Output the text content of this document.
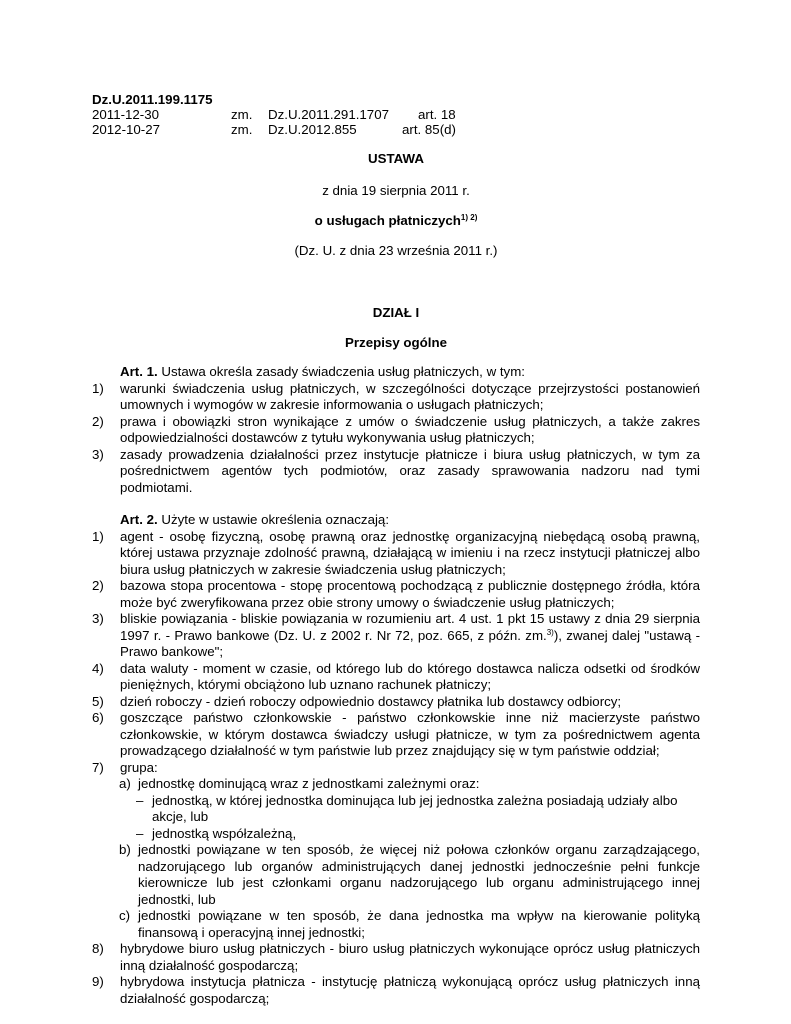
Dz.U.2011.199.1175
2011-12-30	zm. Dz.U.2011.291.1707 art. 18
2012-10-27	zm. Dz.U.2012.855	art. 85(d)
USTAWA
z dnia 19 sierpnia 2011 r.
o usługach płatniczych$^{1) 2)}$
(Dz. U. z dnia 23 września 2011 r.)
DZIAŁ I
Przepisy ogólne

Art. 1. Ustawa określa zasady świadczenia usług płatniczych, w tym:

1) warunki świadczenia usług płatniczych, w szczególności dotyczące przejrzystości postanowień umownych i wymogów w zakresie informowania o usługach płatniczych;
2) prawa i obowiązki stron wynikające z umów o świadczenie usług płatniczych, a także zakres odpowiedzialności dostawców z tytułu wykonywania usług płatniczych;
3) zasady prowadzenia działalności przez instytucje płatnicze i biura usług płatniczych, w tym za pośrednictwem agentów tych podmiotów, oraz zasady sprawowania nadzoru nad tymi podmiotami.

Art. 2. Użyte w ustawie określenia oznaczają:

1) agent - osobę fizyczną, osobę prawną oraz jednostkę organizacyjną niebędącą osobą prawną, której ustawa przyznaje zdolność prawną, działającą w imieniu i na rzecz instytucji płatniczej albo biura usług płatniczych w zakresie świadczenia usług płatniczych;
2) bazowa stopa procentowa - stopę procentową pochodzącą z publicznie dostępnego źródła, która może być zweryfikowana przez obie strony umowy o świadczenie usług płatniczych;
3) bliskie powiązania - bliskie powiązania w rozumieniu art. 4 ust. 1 pkt 15 ustawy z dnia 29 sierpnia 1997 r. - Prawo bankowe (Dz. U. z 2002 r. Nr 72, poz. 665, z późn. zm.$^{3)}$), zwanej dalej "ustawą - Prawo bankowe";
4) data waluty - moment w czasie, od którego lub do którego dostawca nalicza odsetki od środków pieniężnych, którymi obciążono lub uznano rachunek płatniczy;
5) dzień roboczy - dzień roboczy odpowiednio dostawcy płatnika lub dostawcy odbiorcy;
6) goszczące państwo członkowskie - państwo członkowskie inne niż macierzyste państwo członkowskie, w którym dostawca świadczy usługi płatnicze, w tym za pośrednictwem agenta prowadzącego działalność w tym państwie lub przez znajdujący się w tym państwie oddział;
7) grupa:
a) jednostkę dominującą wraz z jednostkami zależnymi oraz:
– jednostką, w której jednostka dominująca lub jej jednostka zależna posiadają udziały albo akcje, lub
– jednostką współzależną,
b) jednostki powiązane w ten sposób, że więcej niż połowa członków organu zarządzającego, nadzorującego lub organów administrujących danej jednostki jednocześnie pełni funkcje kierownicze lub jest członkami organu nadzorującego lub organu administrującego innej jednostki, lub
c) jednostki powiązane w ten sposób, że dana jednostka ma wpływ na kierowanie polityką finansową i operacyjną innej jednostki;
8) hybrydowe biuro usług płatniczych - biuro usług płatniczych wykonujące oprócz usług płatniczych inną działalność gospodarczą;
9) hybrydowa instytucja płatnicza - instytucję płatniczą wykonującą oprócz usług płatniczych inną działalność gospodarczą;
